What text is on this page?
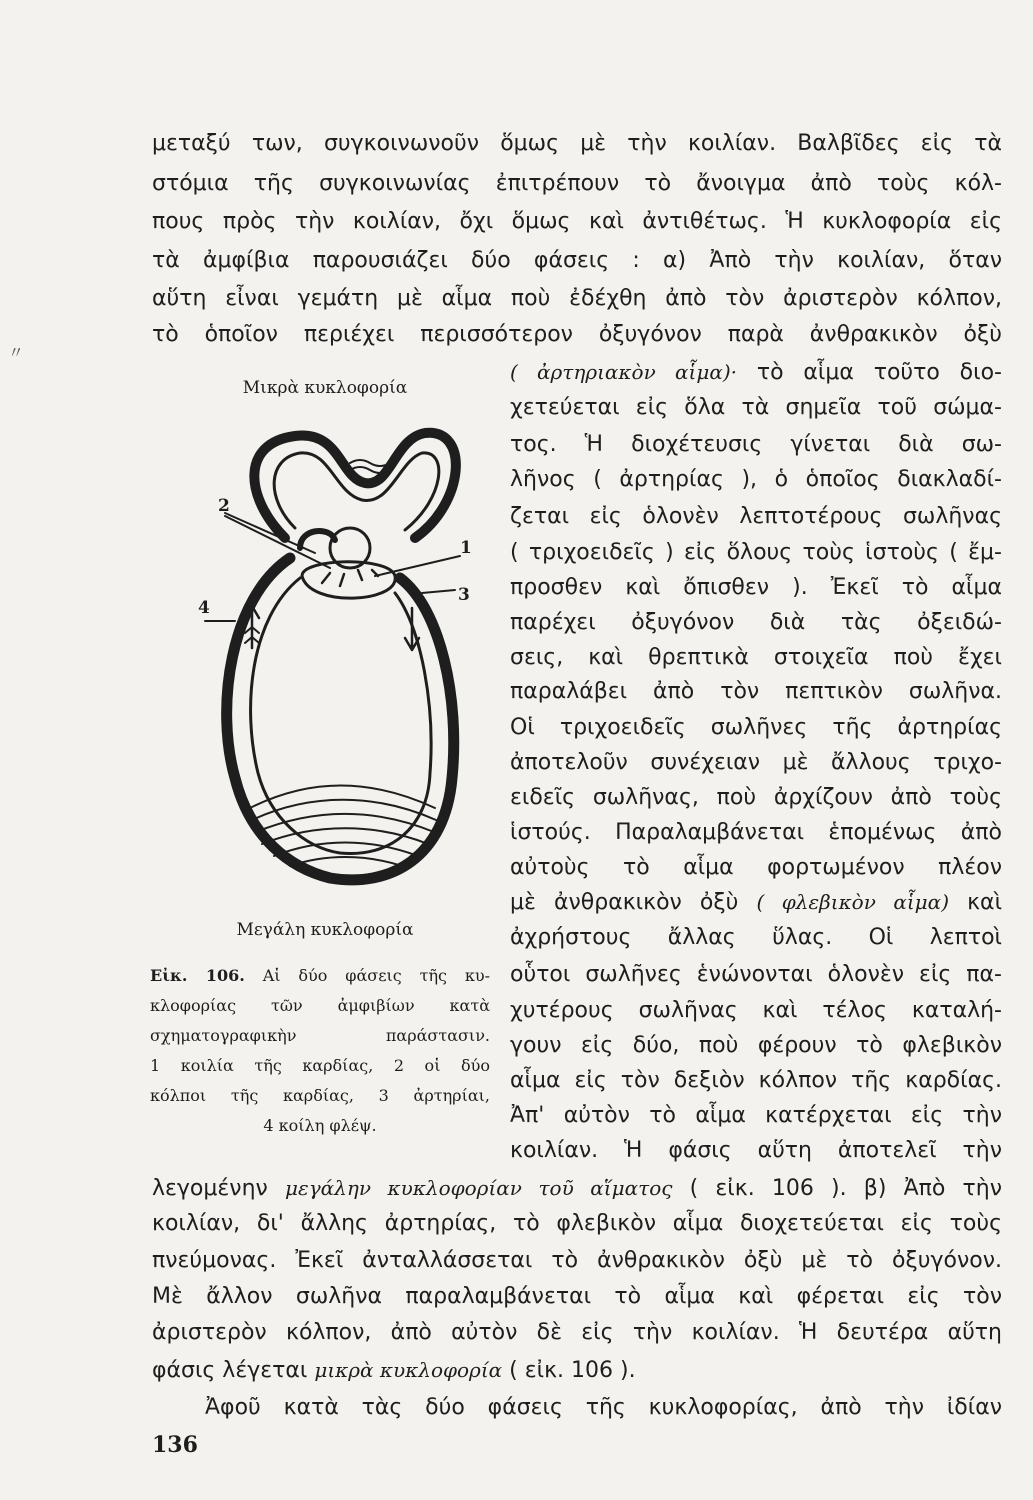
〃
μεταξύ των, συγκοινωνοῦν ὅμως μὲ τὴν κοιλίαν. Βαλβῖδες εἰς τὰ
στόμια τῆς συγκοινωνίας ἐπιτρέπουν τὸ ἄνοιγμα ἀπὸ τοὺς κόλ-
πους πρὸς τὴν κοιλίαν, ὄχι ὅμως καὶ ἀντιθέτως. Ἡ κυκλοφορία εἰς
τὰ ἀμφίβια παρουσιάζει δύο φάσεις : α) Ἀπὸ τὴν κοιλίαν, ὅταν
αὕτη εἶναι γεμάτη μὲ αἷμα ποὺ ἐδέχθη ἀπὸ τὸν ἀριστερὸν κόλπον,
τὸ ὁποῖον περιέχει περισσότερον ὀξυγόνον παρὰ ἀνθρακικὸν ὀξὺ
( ἀρτηριακὸν αἷμα)· τὸ αἷμα τοῦτο διο-
χετεύεται εἰς ὅλα τὰ σημεῖα τοῦ σώμα-
τος. Ἡ διοχέτευσις γίνεται διὰ σω-
λῆνος ( ἀρτηρίας ), ὁ ὁποῖος διακλαδί-
ζεται εἰς ὁλονὲν λεπτοτέρους σωλῆνας
( τριχοειδεῖς ) εἰς ὅλους τοὺς ἱστοὺς ( ἔμ-
προσθεν καὶ ὄπισθεν ). Ἐκεῖ τὸ αἷμα
παρέχει ὀξυγόνον διὰ τὰς ὀξειδώ-
σεις, καὶ θρεπτικὰ στοιχεῖα ποὺ ἔχει
παραλάβει ἀπὸ τὸν πεπτικὸν σωλῆνα.
Οἱ τριχοειδεῖς σωλῆνες τῆς ἀρτηρίας
ἀποτελοῦν συνέχειαν μὲ ἄλλους τριχο-
ειδεῖς σωλῆνας, ποὺ ἀρχίζουν ἀπὸ τοὺς
ἱστούς. Παραλαμβάνεται ἑπομένως ἀπὸ
αὐτοὺς τὸ αἷμα φορτωμένον πλέον
μὲ ἀνθρακικὸν ὀξὺ ( φλεβικὸν αἷμα) καὶ
ἀχρήστους ἄλλας ὕλας. Οἱ λεπτοὶ
οὗτοι σωλῆνες ἑνώνονται ὁλονὲν εἰς πα-
χυτέρους σωλῆνας καὶ τέλος καταλή-
γουν εἰς δύο, ποὺ φέρουν τὸ φλεβικὸν
αἷμα εἰς τὸν δεξιὸν κόλπον τῆς καρδίας.
Ἀπ' αὐτὸν τὸ αἷμα κατέρχεται εἰς τὴν
κοιλίαν. Ἡ φάσις αὕτη ἀποτελεῖ τὴν
Μικρὰ κυκλοφορία
Μεγάλη κυκλοφορία
2
1
3
4
Εἰκ. 106. Αἱ δύο φάσεις τῆς κυ-
κλοφορίας τῶν ἀμφιβίων κατὰ
σχηματογραφικὴν παράστασιν.
1 κοιλία τῆς καρδίας, 2 οἱ δύο
κόλποι τῆς καρδίας, 3 ἀρτηρίαι,
4 κοίλη φλέψ.
λεγομένην μεγάλην κυκλοφορίαν τοῦ αἵματος ( εἰκ. 106 ). β) Ἀπὸ τὴν
κοιλίαν, δι' ἄλλης ἀρτηρίας, τὸ φλεβικὸν αἷμα διοχετεύεται εἰς τοὺς
πνεύμονας. Ἐκεῖ ἀνταλλάσσεται τὸ ἀνθρακικὸν ὀξὺ μὲ τὸ ὀξυγόνον.
Μὲ ἄλλον σωλῆνα παραλαμβάνεται τὸ αἷμα καὶ φέρεται εἰς τὸν
ἀριστερὸν κόλπον, ἀπὸ αὐτὸν δὲ εἰς τὴν κοιλίαν. Ἡ δευτέρα αὕτη
φάσις λέγεται μικρὰ κυκλοφορία ( εἰκ. 106 ).
Ἀφοῦ κατὰ τὰς δύο φάσεις τῆς κυκλοφορίας, ἀπὸ τὴν ἰδίαν
136
